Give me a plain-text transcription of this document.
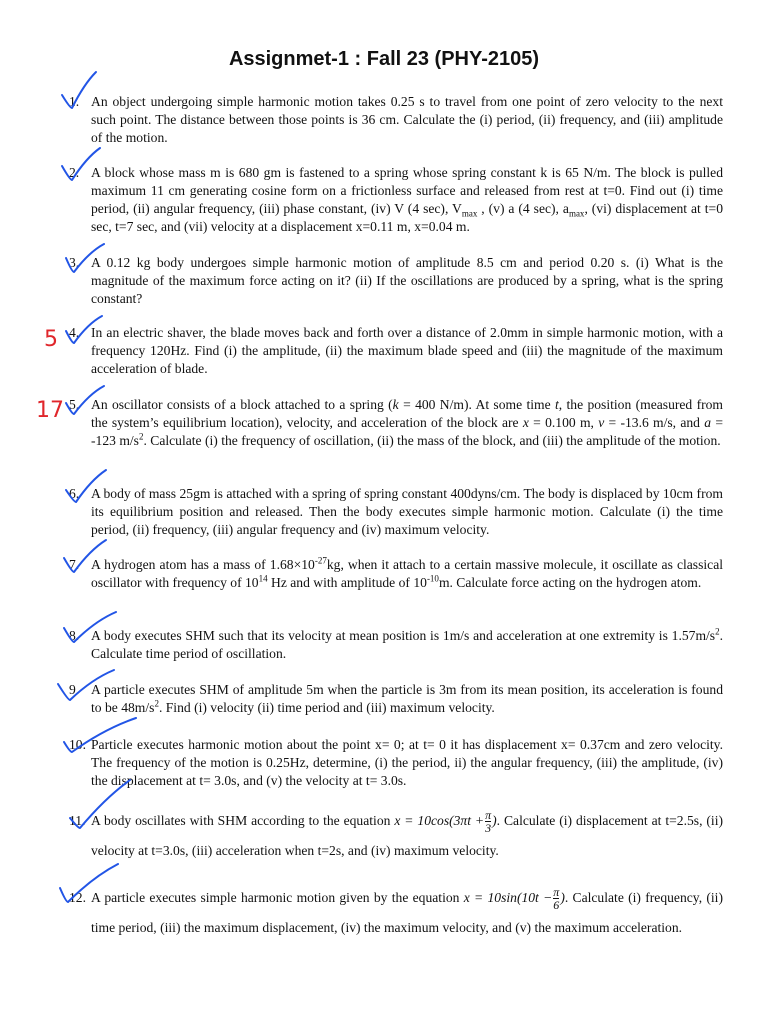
Assignmet-1 : Fall 23 (PHY-2105)
1. An object undergoing simple harmonic motion takes 0.25 s to travel from one point of zero velocity to the next such point. The distance between those points is 36 cm. Calculate the (i) period, (ii) frequency, and (iii) amplitude of the motion.
2. A block whose mass m is 680 gm is fastened to a spring whose spring constant k is 65 N/m. The block is pulled maximum 11 cm generating cosine form on a frictionless surface and released from rest at t=0. Find out (i) time period, (ii) angular frequency, (iii) phase constant, (iv) V (4 sec), $V_{max}$ , (v) a (4 sec), $a_{max}$, (vi) displacement at t=0 sec, t=7 sec, and (vii) velocity at a displacement x=0.11 m, x=0.04 m.
3. A 0.12 kg body undergoes simple harmonic motion of amplitude 8.5 cm and period 0.20 s. (i) What is the magnitude of the maximum force acting on it? (ii) If the oscillations are produced by a spring, what is the spring constant?
4. In an electric shaver, the blade moves back and forth over a distance of 2.0mm in simple harmonic motion, with a frequency 120Hz. Find (i) the amplitude, (ii) the maximum blade speed and (iii) the magnitude of the maximum acceleration of blade.
5. An oscillator consists of a block attached to a spring (k = 400 N/m). At some time t, the position (measured from the system’s equilibrium location), velocity, and acceleration of the block are x = 0.100 m, v = -13.6 m/s, and a = -123 $m/s^2$. Calculate (i) the frequency of oscillation, (ii) the mass of the block, and (iii) the amplitude of the motion.
6. A body of mass 25gm is attached with a spring of spring constant 400dyns/cm. The body is displaced by 10cm from its equilibrium position and released. Then the body executes simple harmonic motion. Calculate (i) the time period, (ii) frequency, (iii) angular frequency and (iv) maximum velocity.
7. A hydrogen atom has a mass of $1.68\times 10^{-27}kg$, when it attach to a certain massive molecule, it oscillate as classical oscillator with frequency of $10^{14}$ Hz and with amplitude of $10^{-10}m$. Calculate force acting on the hydrogen atom.
8. A body executes SHM such that its velocity at mean position is 1m/s and acceleration at one extremity is $1.57m/s^2$. Calculate time period of oscillation.
9. A particle executes SHM of amplitude 5m when the particle is 3m from its mean position, its acceleration is found to be $48m/s^2$. Find (i) velocity (ii) time period and (iii) maximum velocity.
10. Particle executes harmonic motion about the point x= 0; at t= 0 it has displacement x= 0.37cm and zero velocity. The frequency of the motion is 0.25Hz, determine, (i) the period, ii) the angular frequency, (iii) the amplitude, (iv) the displacement at t= 3.0s, and (v) the velocity at t= 3.0s.
11. A body oscillates with SHM according to the equation $x = 10\cos(3\pi t + \frac{\pi}{3}$ ). Calculate (i) displacement at t=2.5s, (ii) velocity at t=3.0s, (iii) acceleration when t=2s, and (iv) maximum velocity.
12. A particle executes simple harmonic motion given by the equation $x = 10\sin(10t - \frac{\pi}{6}$ ). Calculate (i) frequency, (ii) time period, (iii) the maximum displacement, (iv) the maximum velocity, and (v) the maximum acceleration.
5
17
